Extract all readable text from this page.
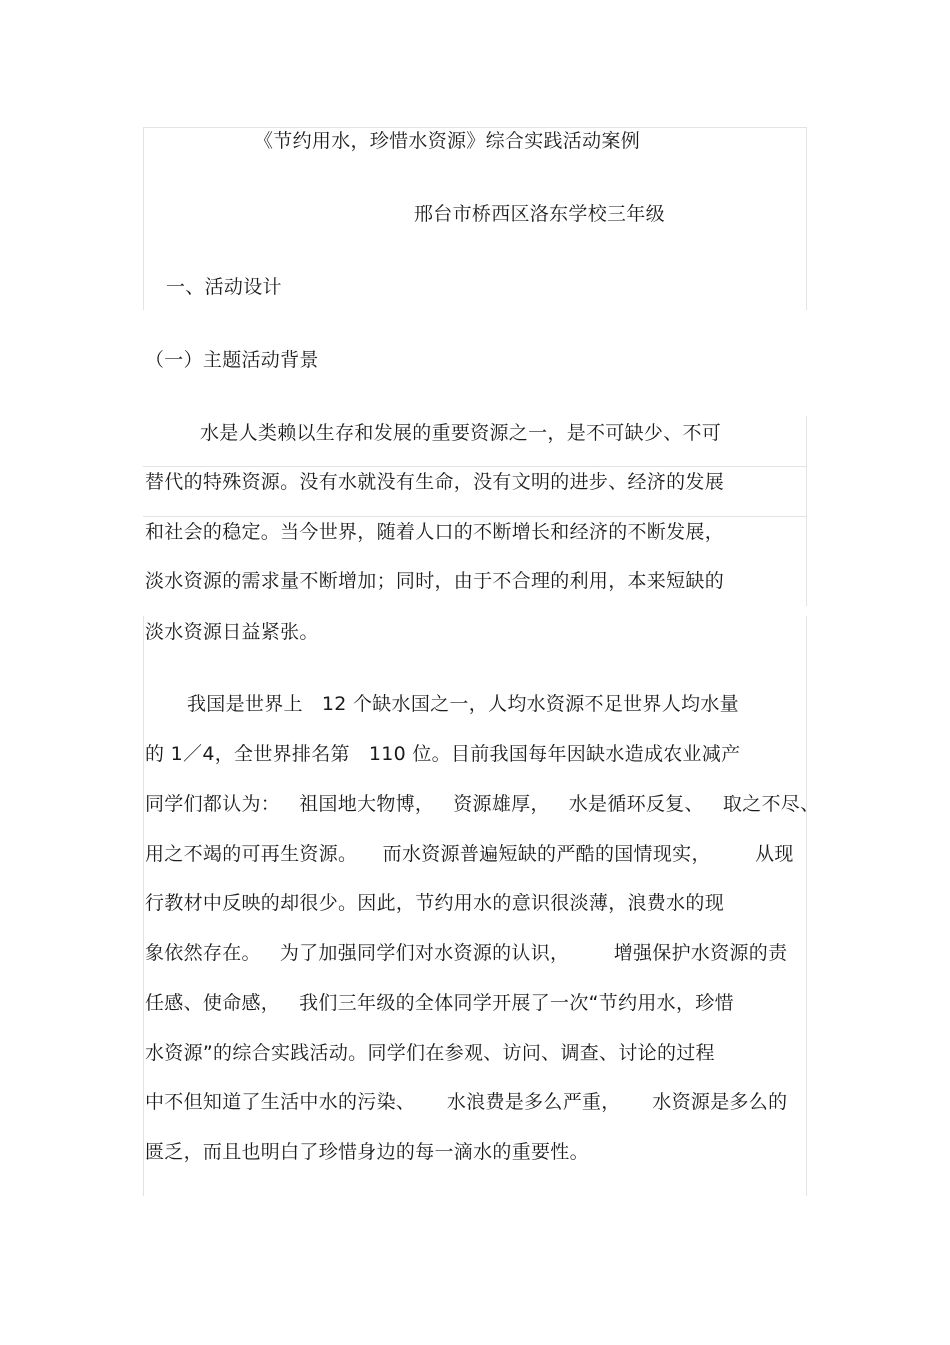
《节约用水，珍惜水资源》综合实践活动案例
邢台市桥西区洛东学校三年级
一、活动设计
（一）主题活动背景
水是人类赖以生存和发展的重要资源之一，是不可缺少、不可
替代的特殊资源。没有水就没有生命，没有文明的进步、经济的发展
和社会的稳定。当今世界，随着人口的不断增长和经济的不断发展，
淡水资源的需求量不断增加；同时，由于不合理的利用，本来短缺的
淡水资源日益紧张。
我国是世界上   12 个缺水国之一，人均水资源不足世界人均水量
的 1／4，全世界排名第   110 位。目前我国每年因缺水造成农业减产
同学们都认为：   祖国地大物博，   资源雄厚，   水是循环反复、   取之不尽、
用之不竭的可再生资源。    而水资源普遍短缺的严酷的国情现实，       从现
行教材中反映的却很少。因此，节约用水的意识很淡薄，浪费水的现
象依然存在。   为了加强同学们对水资源的认识，       增强保护水资源的责
任感、使命感，   我们三年级的全体同学开展了一次“节约用水，珍惜
水资源”的综合实践活动。同学们在参观、访问、调查、讨论的过程
中不但知道了生活中水的污染、     水浪费是多么严重，     水资源是多么的
匮乏，而且也明白了珍惜身边的每一滴水的重要性。
